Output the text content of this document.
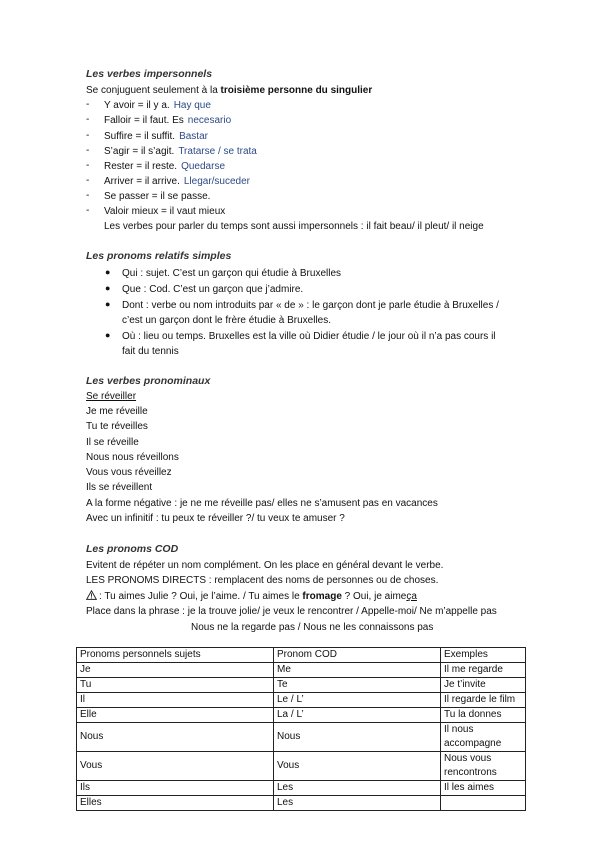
Les verbes impersonnels
Se conjuguent seulement à la troisième personne du singulier
-	Y avoir = il y a. Hay que
-	Falloir = il faut. Es necesario
-	Suffire = il suffit. Bastar
-	S’agir = il s’agit. Tratarse / se trata
-	Rester = il reste. Quedarse
-	Arriver = il arrive. Llegar/suceder
-	Se passer = il se passe.
-	Valoir mieux = il vaut mieux
Les verbes pour parler du temps sont aussi impersonnels : il fait beau/ il pleut/ il neige
Les pronoms relatifs simples
● Qui : sujet. C’est un garçon qui étudie à Bruxelles
● Que : Cod. C’est un garçon que j’admire.
● Dont : verbe ou nom introduits par « de » : le garçon dont je parle étudie à Bruxelles /
c’est un garçon dont le frère étudie à Bruxelles.
● Où : lieu ou temps. Bruxelles est la ville où Didier étudie / le jour où il n’a pas cours il
fait du tennis
Les verbes pronominaux
Se réveiller
Je me réveille
Tu te réveilles
Il se réveille
Nous nous réveillons
Vous vous réveillez
Ils se réveillent
A la forme négative : je ne me réveille pas/ elles ne s’amusent pas en vacances
Avec un infinitif : tu peux te réveiller ?/ tu veux te amuser ?
Les pronoms COD
Evitent de répéter un nom complément. On les place en général devant le verbe.
LES PRONOMS DIRECTS : remplacent des noms de personnes ou de choses.
: Tu aimes Julie ? Oui, je l’aime. / Tu aimes le fromage ? Oui, je aimeça
Place dans la phrase : je la trouve jolie/ je veux le rencontrer / Appelle-moi/ Ne m’appelle pas
Nous ne la regarde pas / Nous ne les connaissons pas
Pronoms personnels sujets	Pronom COD	Exemples
Je	Me	Il me regarde
Tu	Te	Je t’invite
Il	Le / L’	Il regarde le film
Elle	La / L’	Tu la donnes
Nous	Nous	Il nous accompagne
Vous	Vous	Nous vous rencontrons
Ils	Les	Il les aimes
Elles	Les	
